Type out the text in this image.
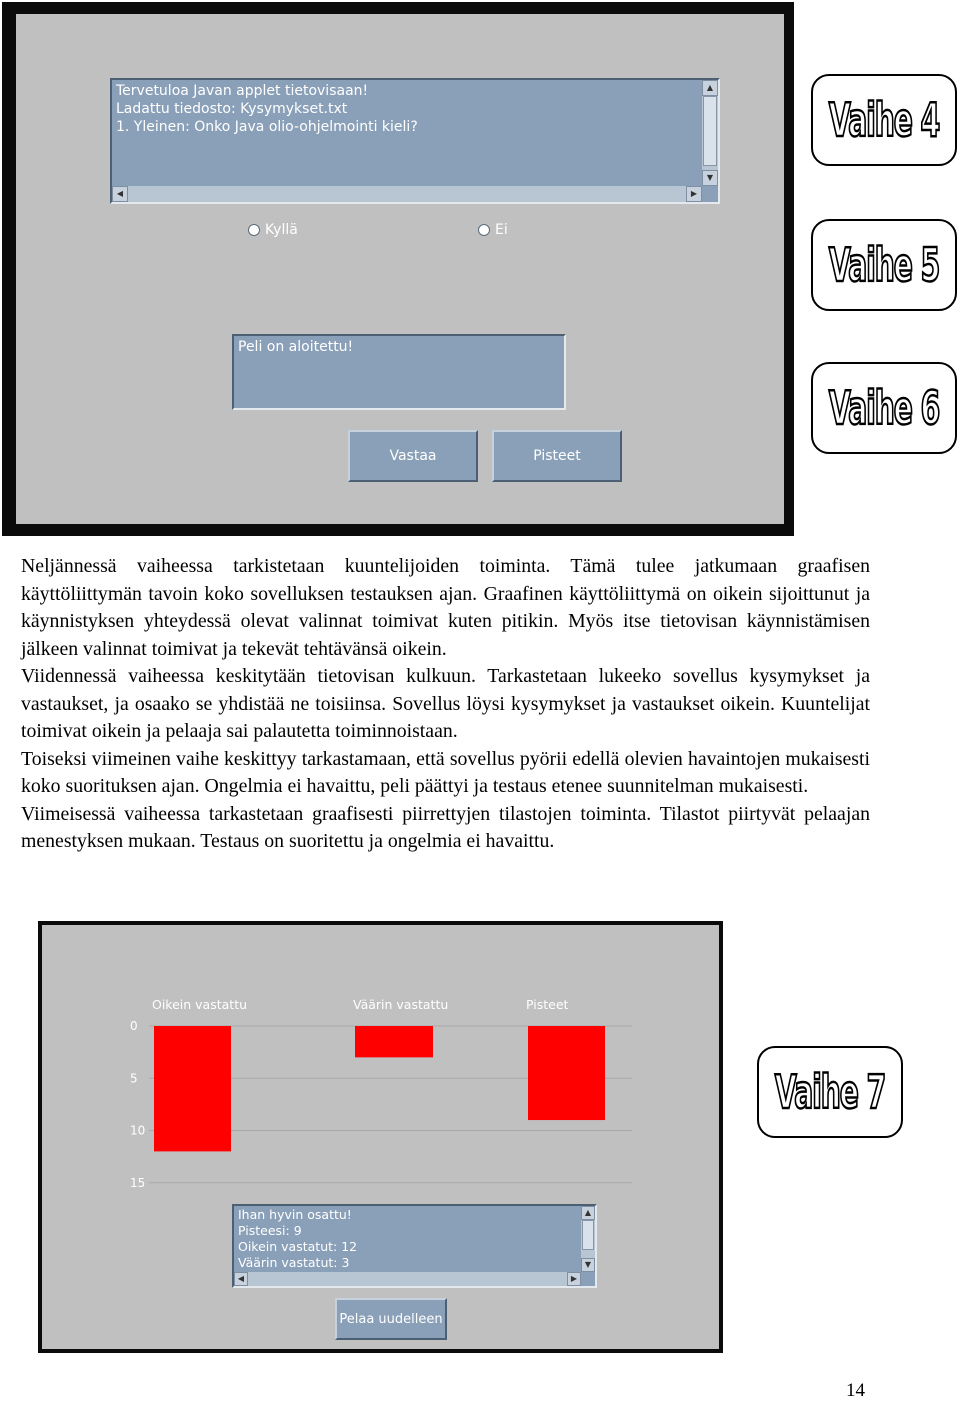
Tervetuloa Javan applet tietovisaan!
Ladattu tiedosto: Kysymykset.txt
1. Yleinen: Onko Java olio-ohjelmointi kieli?
▲
▼
◀	▶
Kyllä	Ei
Peli on aloitettu!
Vastaa	Pisteet
Vaihe 4
Vaihe 5
Vaihe 6
Vaihe 7

Neljännessä vaiheessa tarkistetaan kuuntelijoiden toiminta. Tämä tulee jatkumaan graafisen käyttöliittymän tavoin koko sovelluksen testauksen ajan. Graafinen käyttöliittymä on oikein sijoittunut ja käynnistyksen yhteydessä olevat valinnat toimivat kuten pitikin. Myös itse tietovisan käynnistämisen jälkeen valinnat toimivat ja tekevät tehtävänsä oikein.

Viidennessä vaiheessa keskitytään tietovisan kulkuun. Tarkastetaan lukeeko sovellus kysymykset ja vastaukset, ja osaako se yhdistää ne toisiinsa. Sovellus löysi kysymykset ja vastaukset oikein. Kuuntelijat toimivat oikein ja pelaaja sai palautetta toiminnoistaan.

Toiseksi viimeinen vaihe keskittyy tarkastamaan, että sovellus pyörii edellä olevien havaintojen mukaisesti koko suorituksen ajan. Ongelmia ei havaittu, peli päättyi ja testaus etenee suunnitelman mukaisesti.

Viimeisessä vaiheessa tarkastetaan graafisesti piirrettyjen tilastojen toiminta. Tilastot piirtyvät pelaajan menestyksen mukaan. Testaus on suoritettu ja ongelmia ei havaittu.

0
5
10
15
Oikein vastattu	Väärin vastattu	Pisteet
Ihan hyvin osattu!
Pisteesi: 9
Oikein vastatut: 12
Väärin vastatut: 3
▲
▼
◀	▶
Pelaa uudelleen
14
